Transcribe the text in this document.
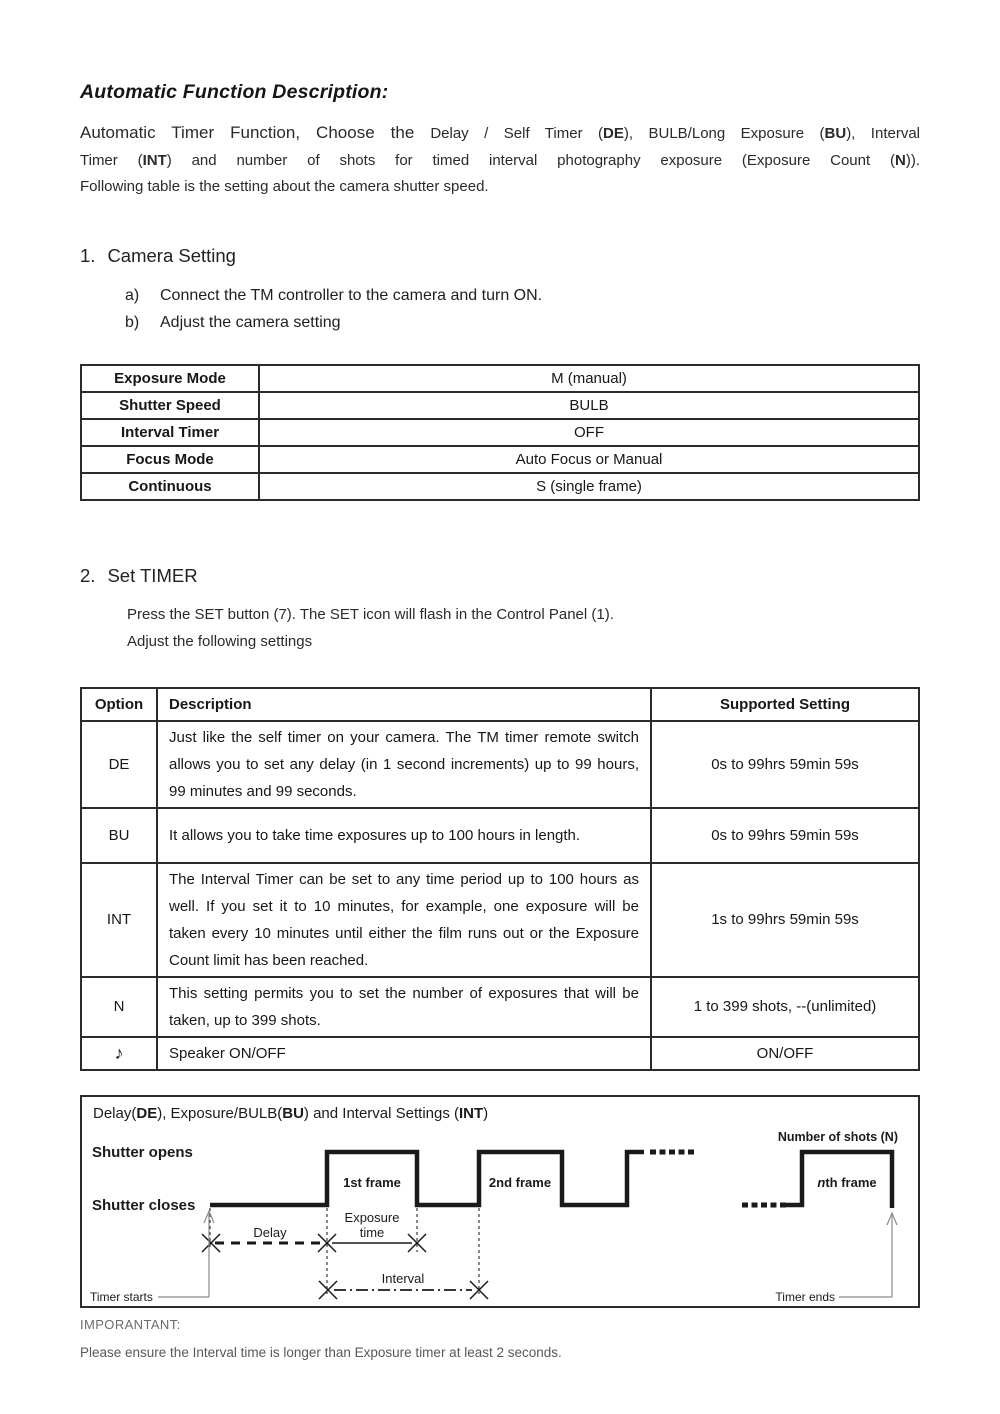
Automatic Function Description:
Automatic Timer Function, Choose the Delay / Self Timer (DE), BULB/Long Exposure (BU), Interval
Timer (INT) and number of shots for timed interval photography exposure (Exposure Count (N)).
Following table is the setting about the camera shutter speed.
1. Camera Setting
a)	Connect the TM controller to the camera and turn ON.
b)	Adjust the camera setting
Exposure Mode	M (manual)
Shutter Speed	BULB
Interval Timer	OFF
Focus Mode	Auto Focus or Manual
Continuous	S (single frame)
2. Set TIMER
Press the SET button (7). The SET icon will flash in the Control Panel (1).
Adjust the following settings
Option	Description	Supported Setting
DE	Just like the self timer on your camera. The TM timer remote switch allows you to set any delay (in 1 second increments) up to 99 hours, 99 minutes and 99 seconds.	0s to 99hrs 59min 59s
BU	It allows you to take time exposures up to 100 hours in length.	0s to 99hrs 59min 59s
INT	The Interval Timer can be set to any time period up to 100 hours as well. If you set it to 10 minutes, for example, one exposure will be taken every 10 minutes until either the film runs out or the Exposure Count limit has been reached.	1s to 99hrs 59min 59s
N	This setting permits you to set the number of exposures that will be taken, up to 399 shots.	1 to 399 shots, --(unlimited)
♪	Speaker ON/OFF	ON/OFF
Delay(DE), Exposure/BULB(BU) and Interval Settings (INT)
Number of shots (N)
Shutter opens
Shutter closes
1st frame	2nd frame	nth frame
Delay
Exposure
time
Interval
Timer starts	Timer ends
IMPORANTANT:
Please ensure the Interval time is longer than Exposure timer at least 2 seconds.
